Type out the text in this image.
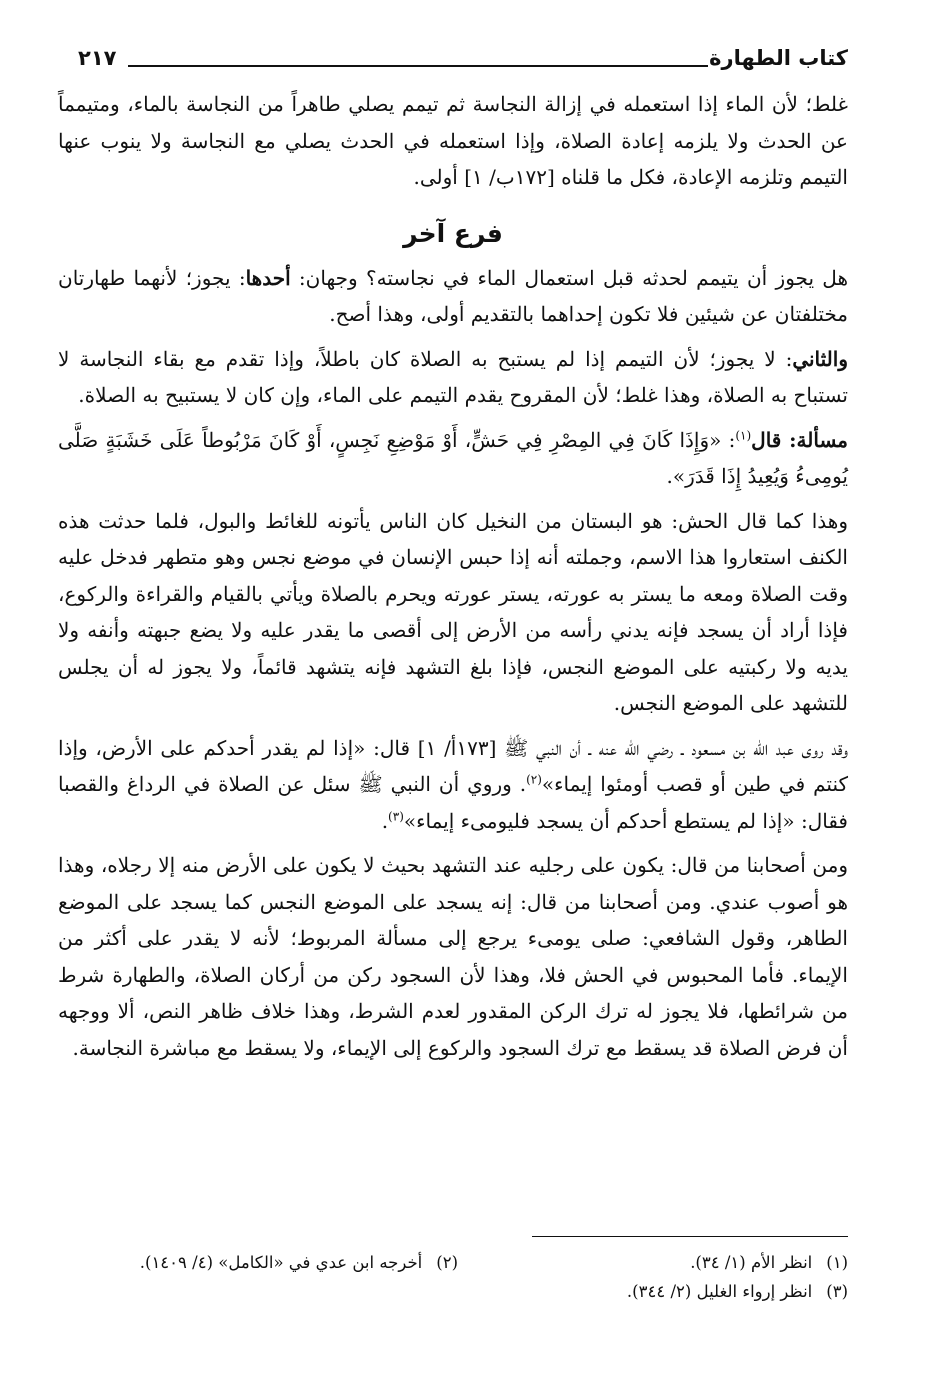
كتاب الطهارة
٢١٧

غلط؛ لأن الماء إذا استعمله في إزالة النجاسة ثم تيمم يصلي طاهراً من النجاسة بالماء، ومتيمماً عن الحدث ولا يلزمه إعادة الصلاة، وإذا استعمله في الحدث يصلي مع النجاسة ولا ينوب عنها التيمم وتلزمه الإعادة، فكل ما قلناه [١٧٢ب/ ١] أولى.

فرع آخر

هل يجوز أن يتيمم لحدثه قبل استعمال الماء في نجاسته؟ وجهان: أحدها: يجوز؛ لأنهما طهارتان مختلفتان عن شيئين فلا تكون إحداهما بالتقديم أولى، وهذا أصح.

والثاني: لا يجوز؛ لأن التيمم إذا لم يستبح به الصلاة كان باطلاً، وإذا تقدم مع بقاء النجاسة لا تستباح به الصلاة، وهذا غلط؛ لأن المقروح يقدم التيمم على الماء، وإن كان لا يستبيح به الصلاة.

مسألة: قال$^{(١)}$: «وَإِذَا كَانَ فِي المِصْرِ فِي حَشٍّ، أَوْ مَوْضِعِ نَجِسٍ، أَوْ كَانَ مَرْبُوطاً عَلَى خَشَبَةٍ صَلَّى يُومِىءُ وَيُعِيدُ إِذَا قَدَرَ».

وهذا كما قال الحش: هو البستان من النخيل كان الناس يأتونه للغائط والبول، فلما حدثت هذه الكنف استعاروا هذا الاسم، وجملته أنه إذا حبس الإنسان في موضع نجس وهو متطهر فدخل عليه وقت الصلاة ومعه ما يستر به عورته، يستر عورته ويحرم بالصلاة ويأتي بالقيام والقراءة والركوع، فإذا أراد أن يسجد فإنه يدني رأسه من الأرض إلى أقصى ما يقدر عليه ولا يضع جبهته وأنفه ولا يديه ولا ركبتيه على الموضع النجس، فإذا بلغ التشهد فإنه يتشهد قائماً، ولا يجوز له أن يجلس للتشهد على الموضع النجس.

وقد روى عبد الله بن مسعود ـ رضي الله عنه ـ أن النبي ﷺ [١٧٣أ/ ١] قال: «إذا لم يقدر أحدكم على الأرض، وإذا كنتم في طين أو قصب أومئوا إيماء»$^{(٢)}$. وروي أن النبي ﷺ سئل عن الصلاة في الرداغ والقصبا فقال: «إذا لم يستطع أحدكم أن يسجد فليومىء إيماء»$^{(٣)}$.

ومن أصحابنا من قال: يكون على رجليه عند التشهد بحيث لا يكون على الأرض منه إلا رجلاه، وهذا هو أصوب عندي. ومن أصحابنا من قال: إنه يسجد على الموضع النجس كما يسجد على الموضع الطاهر، وقول الشافعي: صلى يومىء يرجع إلى مسألة المربوط؛ لأنه لا يقدر على أكثر من الإيماء. فأما المحبوس في الحش فلا، وهذا لأن السجود ركن من أركان الصلاة، والطهارة شرط من شرائطها، فلا يجوز له ترك الركن المقدور لعدم الشرط، وهذا خلاف ظاهر النص، ألا ووجهه أن فرض الصلاة قد يسقط مع ترك السجود والركوع إلى الإيماء، ولا يسقط مع مباشرة النجاسة.

(١)انظر الأم (١/ ٣٤).
(٢)أخرجه ابن عدي في «الكامل» (٤/ ١٤٠٩).
(٣)انظر إرواء الغليل (٢/ ٣٤٤).
